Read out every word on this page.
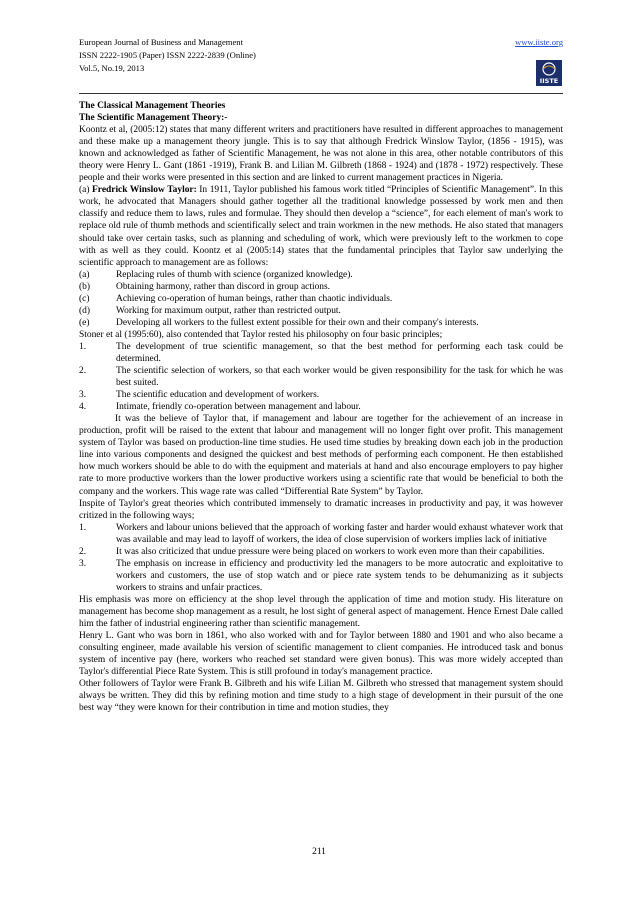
European Journal of Business and Management
ISSN 2222-1905 (Paper) ISSN 2222-2839 (Online)
Vol.5, No.19, 2013
www.iiste.org
IISTE

The Classical Management Theories

The Scientific Management Theory:-

Koontz et al, (2005:12) states that many different writers and practitioners have resulted in different approaches to management and these make up a management theory jungle. This is to say that although Fredrick Winslow Taylor, (1856 - 1915), was known and acknowledged as father of Scientific Management, he was not alone in this area, other notable contributors of this theory were Henry L. Gant (1861 -1919), Frank B. and Lilian M. Gilbreth (1868 - 1924) and (1878 - 1972) respectively. These people and their works were presented in this section and are linked to current management practices in Nigeria.

(a) Fredrick Winslow Taylor: In 1911, Taylor published his famous work titled “Principles of Scientific Management”. In this work, he advocated that Managers should gather together all the traditional knowledge possessed by work men and then classify and reduce them to laws, rules and formulae. They should then develop a “science”, for each element of man's work to replace old rule of thumb methods and scientifically select and train workmen in the new methods. He also stated that managers should take over certain tasks, such as planning and scheduling of work, which were previously left to the workmen to cope with as well as they could. Koontz et al (2005:14) states that the fundamental principles that Taylor saw underlying the scientific approach to management are as follows:

(a)	Replacing rules of thumb with science (organized knowledge).
(b)	Obtaining harmony, rather than discord in group actions.
(c)	Achieving co-operation of human beings, rather than chaotic individuals.
(d)	Working for maximum output, rather than restricted output.
(e)	Developing all workers to the fullest extent possible for their own and their company's interests.

Stoner et al (1995:60), also contended that Taylor rested his philosophy on four basic principles;

1.	The development of true scientific management, so that the best method for performing each task could be determined.
2.	The scientific selection of workers, so that each worker would be given responsibility for the task for which he was best suited.
3.	The scientific education and development of workers.
4.	Intimate, friendly co-operation between management and labour.

It was the believe of Taylor that, if management and labour are together for the achievement of an increase in production, profit will be raised to the extent that labour and management will no longer fight over profit. This management system of Taylor was based on production-line time studies. He used time studies by breaking down each job in the production line into various components and designed the quickest and best methods of performing each component. He then established how much workers should be able to do with the equipment and materials at hand and also encourage employers to pay higher rate to more productive workers than the lower productive workers using a scientific rate that would be beneficial to both the company and the workers. This wage rate was called “Differential Rate System” by Taylor.

Inspite of Taylor's great theories which contributed immensely to dramatic increases in productivity and pay, it was however critized in the following ways;

1.	Workers and labour unions believed that the approach of working faster and harder would exhaust whatever work that was available and may lead to layoff of workers, the idea of close supervision of workers implies lack of initiative
2.	It was also criticized that undue pressure were being placed on workers to work even more than their capabilities.
3.	The emphasis on increase in efficiency and productivity led the managers to be more autocratic and exploitative to workers and customers, the use of stop watch and or piece rate system tends to be dehumanizing as it subjects workers to strains and unfair practices.

His emphasis was more on efficiency at the shop level through the application of time and motion study. His literature on management has become shop management as a result, he lost sight of general aspect of management. Hence Ernest Dale called him the father of industrial engineering rather than scientific management.

Henry L. Gant who was born in 1861, who also worked with and for Taylor between 1880 and 1901 and who also became a consulting engineer, made available his version of scientific management to client companies. He introduced task and bonus system of incentive pay (here, workers who reached set standard were given bonus). This was more widely accepted than Taylor's differential Piece Rate System. This is still profound in today's management practice.

Other followers of Taylor were Frank B. Gilbreth and his wife Lilian M. Gilbreth who stressed that management system should always be written. They did this by refining motion and time study to a high stage of development in their pursuit of the one best way “they were known for their contribution in time and motion studies, they

211
